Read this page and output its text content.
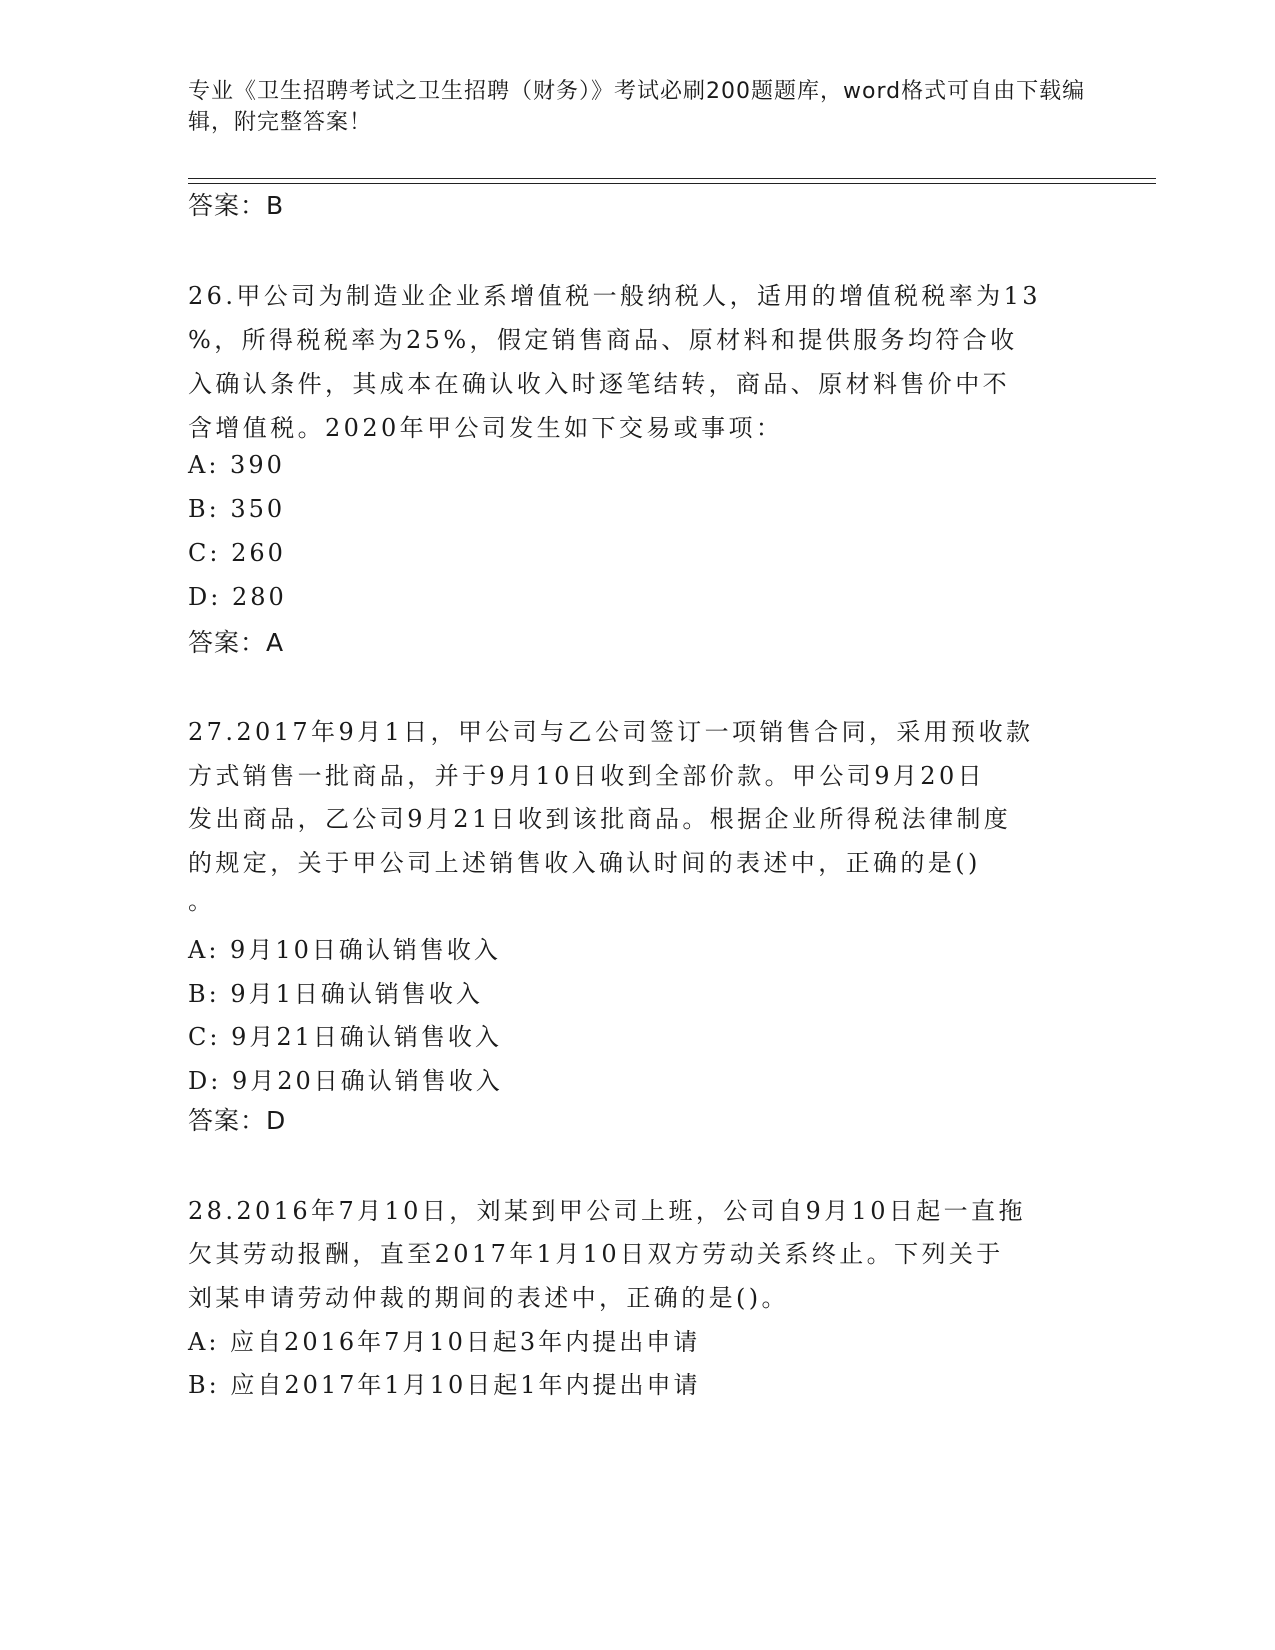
专业《卫生招聘考试之卫生招聘（财务）》考试必刷200题题库，word格式可自由下载编辑，附完整答案！
答案：B
26.甲公司为制造业企业系增值税一般纳税人，适用的增值税税率为13
%，所得税税率为25%，假定销售商品、原材料和提供服务均符合收
入确认条件，其成本在确认收入时逐笔结转，商品、原材料售价中不
含增值税。2020年甲公司发生如下交易或事项：
A: 390
B: 350
C: 260
D: 280
答案：A
27.2017年9月1日，甲公司与乙公司签订一项销售合同，采用预收款
方式销售一批商品，并于9月10日收到全部价款。甲公司9月20日
发出商品，乙公司9月21日收到该批商品。根据企业所得税法律制度
的规定，关于甲公司上述销售收入确认时间的表述中，正确的是()
。
A: 9月10日确认销售收入
B: 9月1日确认销售收入
C: 9月21日确认销售收入
D: 9月20日确认销售收入
答案：D
28.2016年7月10日，刘某到甲公司上班，公司自9月10日起一直拖
欠其劳动报酬，直至2017年1月10日双方劳动关系终止。下列关于
刘某申请劳动仲裁的期间的表述中，正确的是()。
A: 应自2016年7月10日起3年内提出申请
B: 应自2017年1月10日起1年内提出申请
